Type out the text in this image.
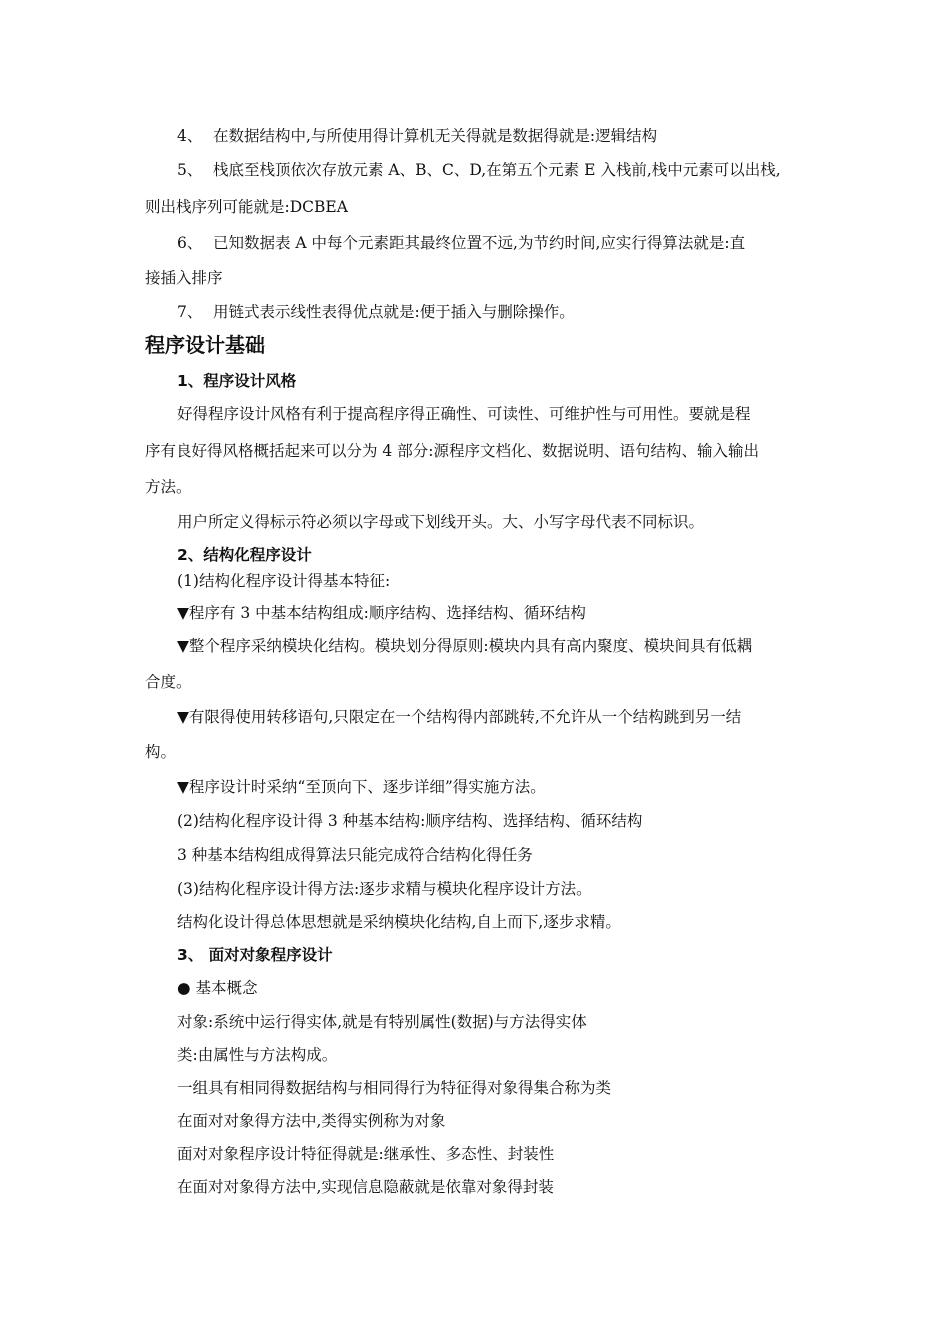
4、 在数据结构中,与所使用得计算机无关得就是数据得就是:逻辑结构
5、 栈底至栈顶依次存放元素 A、B、C、D,在第五个元素 E 入栈前,栈中元素可以出栈,
则出栈序列可能就是:DCBEA
6、 已知数据表 A 中每个元素距其最终位置不远,为节约时间,应实行得算法就是:直
接插入排序
7、 用链式表示线性表得优点就是:便于插入与删除操作。
程序设计基础
1、程序设计风格
好得程序设计风格有利于提高程序得正确性、可读性、可维护性与可用性。要就是程
序有良好得风格概括起来可以分为 4 部分:源程序文档化、数据说明、语句结构、输入输出
方法。
用户所定义得标示符必须以字母或下划线开头。大、小写字母代表不同标识。
2、结构化程序设计
(1)结构化程序设计得基本特征:
▼程序有 3 中基本结构组成:顺序结构、选择结构、循环结构
▼整个程序采纳模块化结构。模块划分得原则:模块内具有高内聚度、模块间具有低耦
合度。
▼有限得使用转移语句,只限定在一个结构得内部跳转,不允许从一个结构跳到另一结
构。
▼程序设计时采纳“至顶向下、逐步详细”得实施方法。
(2)结构化程序设计得 3 种基本结构:顺序结构、选择结构、循环结构
3 种基本结构组成得算法只能完成符合结构化得任务
(3)结构化程序设计得方法:逐步求精与模块化程序设计方法。
结构化设计得总体思想就是采纳模块化结构,自上而下,逐步求精。
3、 面对对象程序设计
● 基本概念
对象:系统中运行得实体,就是有特别属性(数据)与方法得实体
类:由属性与方法构成。
一组具有相同得数据结构与相同得行为特征得对象得集合称为类
在面对对象得方法中,类得实例称为对象
面对对象程序设计特征得就是:继承性、多态性、封装性
在面对对象得方法中,实现信息隐蔽就是依靠对象得封装
